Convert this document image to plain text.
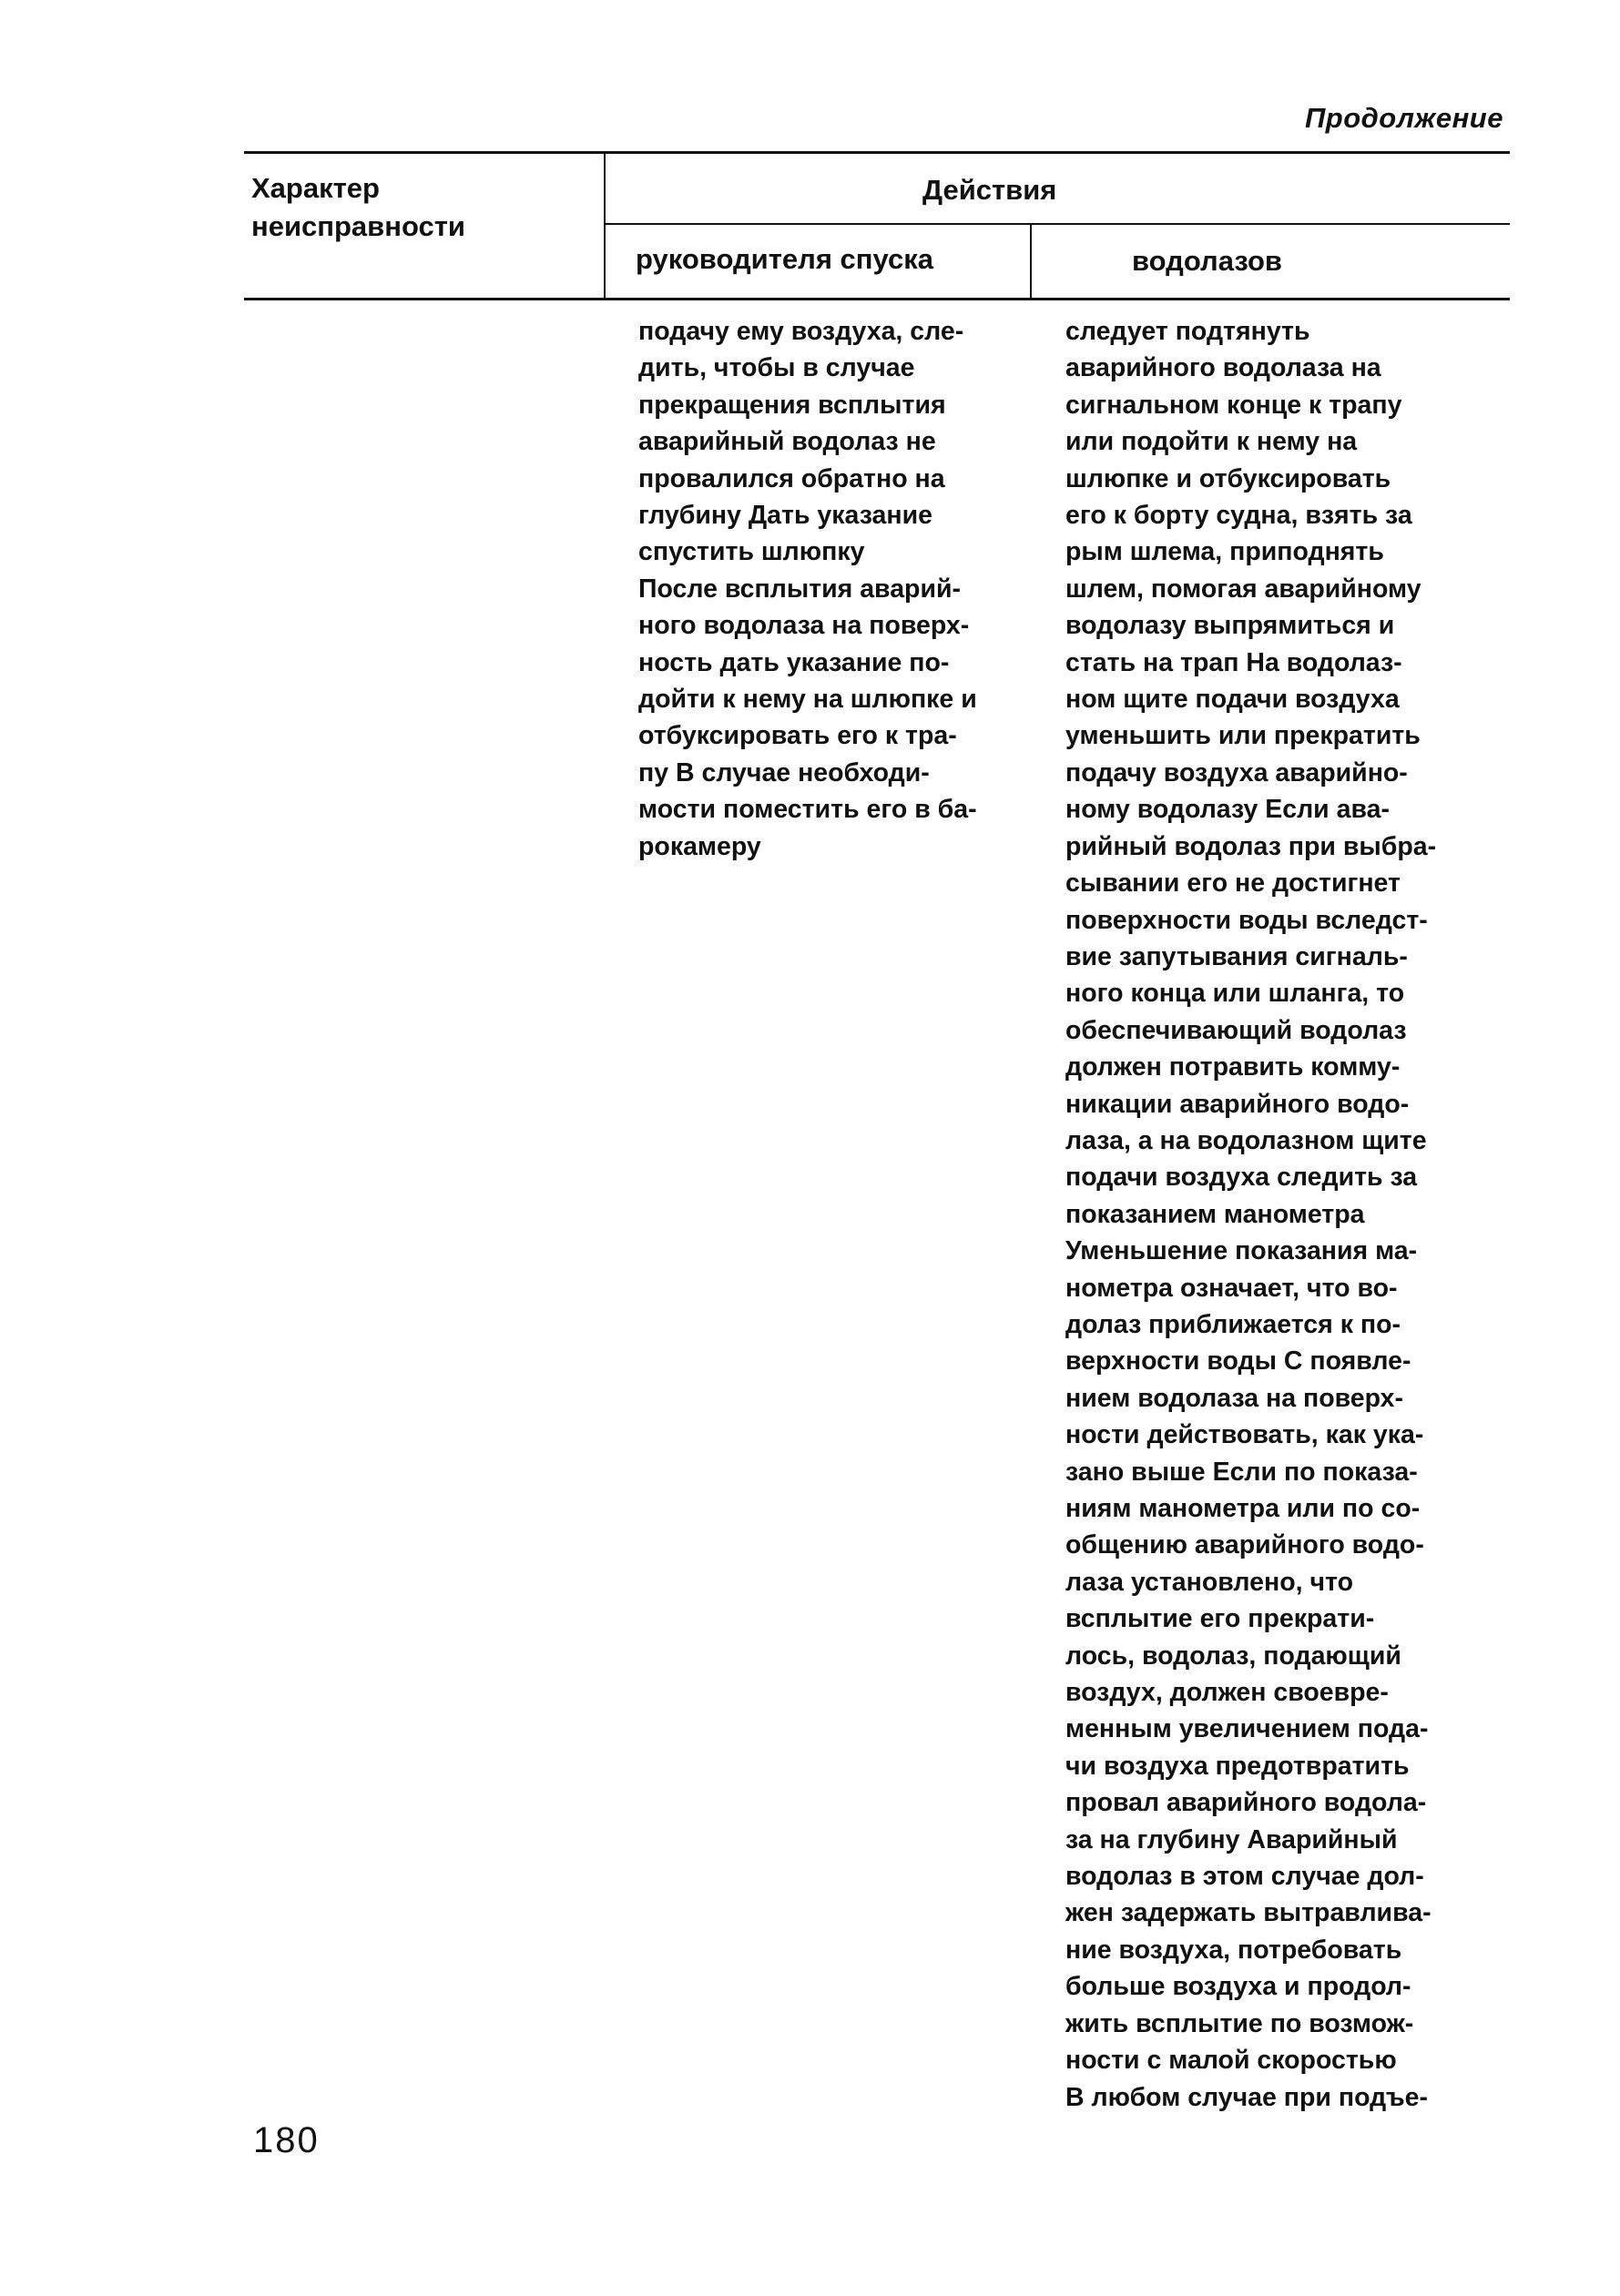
Продолжение
Характер
неисправности
Действия
руководителя спуска	водолазов
подачу ему воздуха, сле-
дить, чтобы в случае
прекращения всплытия
аварийный водолаз не
провалился обратно на
глубину Дать указание
спустить шлюпку
После всплытия аварий-
ного водолаза на поверх-
ность дать указание по-
дойти к нему на шлюпке и
отбуксировать его к тра-
пу В случае необходи-
мости поместить его в ба-
рокамеру
следует подтянуть
аварийного водолаза на
сигнальном конце к трапу
или подойти к нему на
шлюпке и отбуксировать
его к борту судна, взять за
рым шлема, приподнять
шлем, помогая аварийному
водолазу выпрямиться и
стать на трап На водолаз-
ном щите подачи воздуха
уменьшить или прекратить
подачу воздуха аварийно-
ному водолазу Если ава-
рийный водолаз при выбра-
сывании его не достигнет
поверхности воды вследст-
вие запутывания сигналь-
ного конца или шланга, то
обеспечивающий водолаз
должен потравить комму-
никации аварийного водо-
лаза, а на водолазном щите
подачи воздуха следить за
показанием манометра
Уменьшение показания ма-
нометра означает, что во-
долаз приближается к по-
верхности воды С появле-
нием водолаза на поверх-
ности действовать, как ука-
зано выше Если по показа-
ниям манометра или по со-
общению аварийного водо-
лаза установлено, что
всплытие его прекрати-
лось, водолаз, подающий
воздух, должен своевре-
менным увеличением пода-
чи воздуха предотвратить
провал аварийного водола-
за на глубину Аварийный
водолаз в этом случае дол-
жен задержать вытравлива-
ние воздуха, потребовать
больше воздуха и продол-
жить всплытие по возмож-
ности с малой скоростью
В любом случае при подъе-
180
